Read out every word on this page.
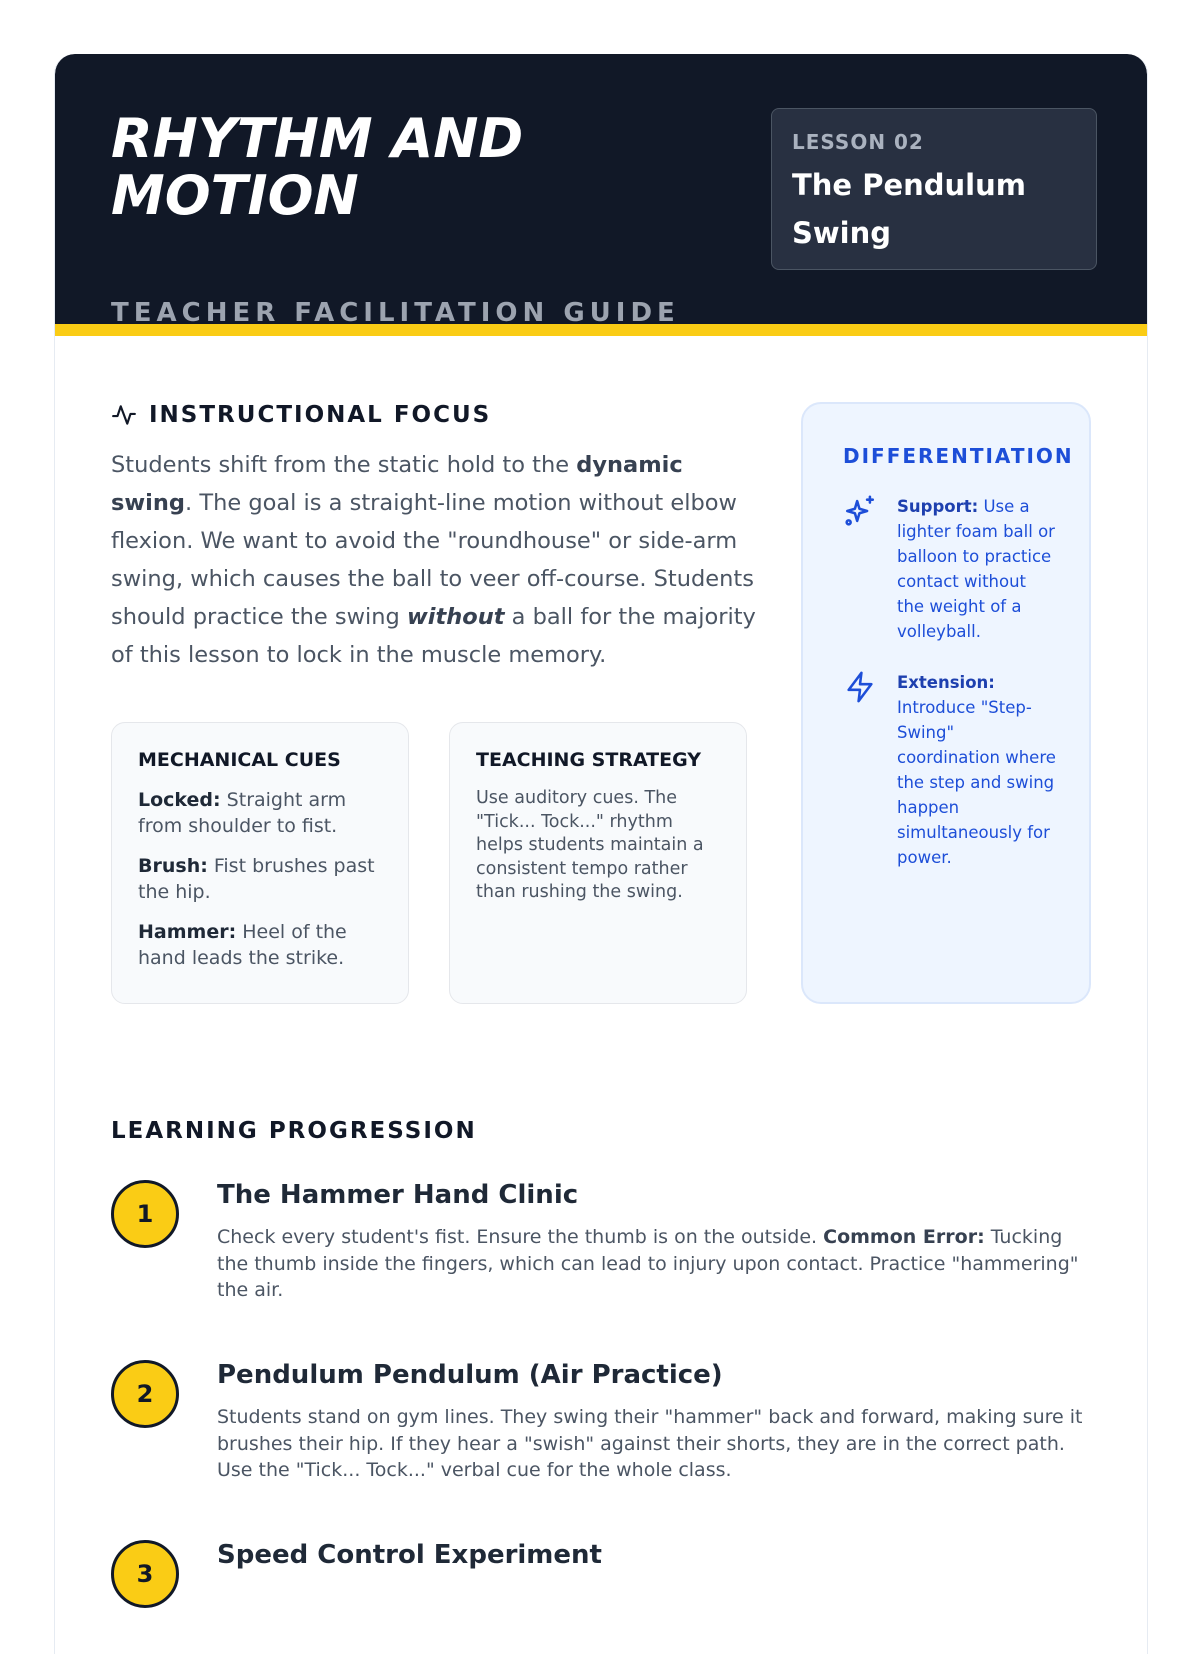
RHYTHM AND MOTION
TEACHER FACILITATION GUIDE
LESSON 02
The Pendulum Swing
INSTRUCTIONAL FOCUS

Students shift from the static hold to the dynamic swing. The goal is a straight-line motion without elbow flexion. We want to avoid the "roundhouse" or side-arm swing, which causes the ball to veer off-course. Students should practice the swing without a ball for the majority of this lesson to lock in the muscle memory.

MECHANICAL CUES
Locked: Straight arm from shoulder to fist.
Brush: Fist brushes past the hip.
Hammer: Heel of the hand leads the strike.
TEACHING STRATEGY
Use auditory cues. The "Tick... Tock..." rhythm helps students maintain a consistent tempo rather than rushing the swing.
DIFFERENTIATION
Support: Use a lighter foam ball or balloon to practice contact without the weight of a volleyball.
Extension: Introduce "Step-Swing" coordination where the step and swing happen simultaneously for power.
LEARNING PROGRESSION
1
The Hammer Hand Clinic
Check every student's fist. Ensure the thumb is on the outside. Common Error: Tucking the thumb inside the fingers, which can lead to injury upon contact. Practice "hammering" the air.
2
Pendulum Pendulum (Air Practice)
Students stand on gym lines. They swing their "hammer" back and forward, making sure it brushes their hip. If they hear a "swish" against their shorts, they are in the correct path. Use the "Tick... Tock..." verbal cue for the whole class.
3
Speed Control Experiment
